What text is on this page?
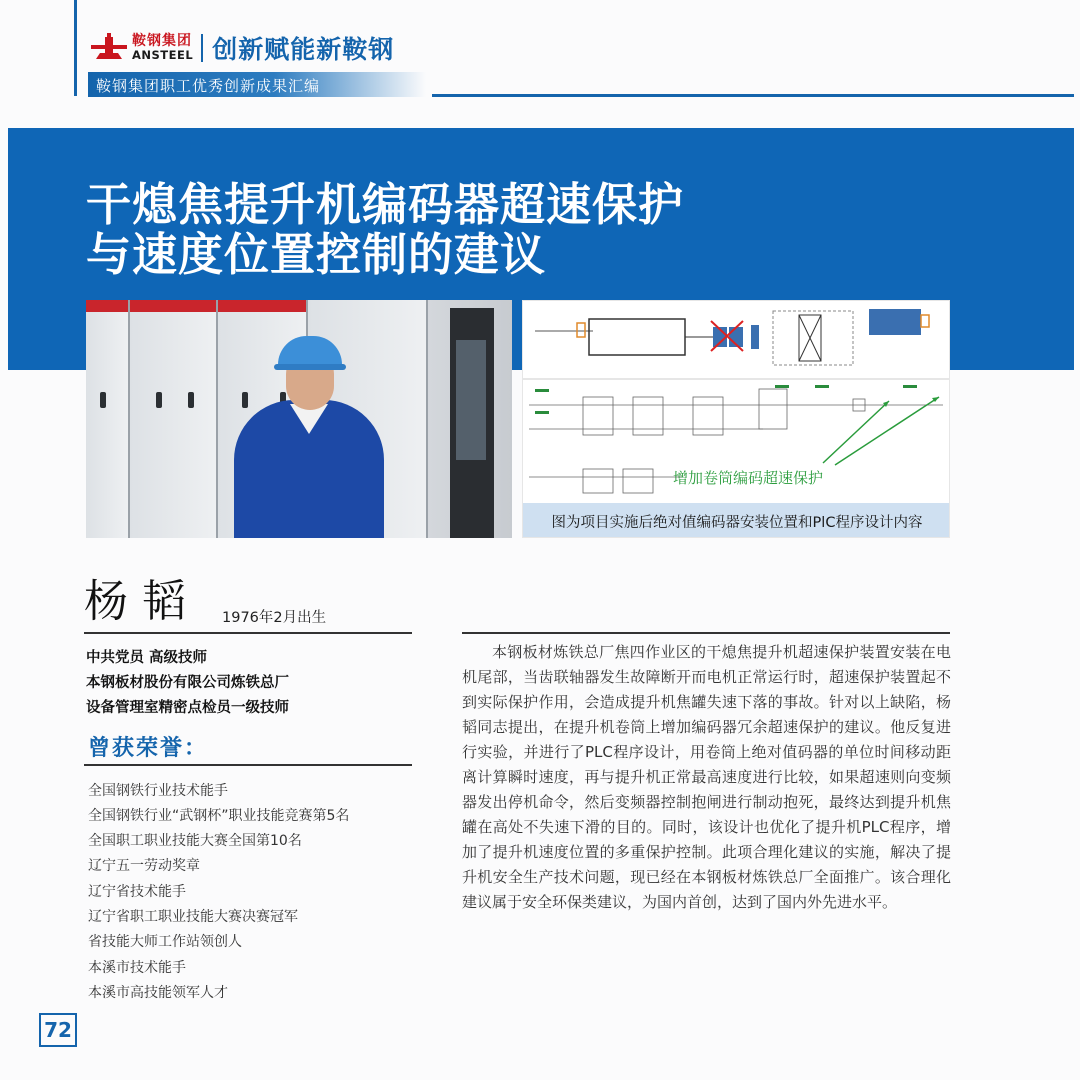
鞍钢集团
ANSTEEL 创新赋能新鞍钢
鞍钢集团职工优秀创新成果汇编
干熄焦提升机编码器超速保护
与速度位置控制的建议
增加卷筒编码超速保护
图为项目实施后绝对值编码器安装位置和PlC程序设计内容
杨韬 1976年2月出生
中共党员 高级技师
本钢板材股份有限公司炼铁总厂
设备管理室精密点检员一级技师
曾获荣誉：
全国钢铁行业技术能手
全国钢铁行业“武钢杯”职业技能竞赛第5名
全国职工职业技能大赛全国第10名
辽宁五一劳动奖章
辽宁省技术能手
辽宁省职工职业技能大赛决赛冠军
省技能大师工作站领创人
本溪市技术能手
本溪市高技能领军人才

本钢板材炼铁总厂焦四作业区的干熄焦提升机超速保护装置安装在电机尾部，当齿联轴器发生故障断开而电机正常运行时，超速保护装置起不到实际保护作用，会造成提升机焦罐失速下落的事故。针对以上缺陷，杨韬同志提出，在提升机卷筒上增加编码器冗余超速保护的建议。他反复进行实验，并进行了PLC程序设计，用卷筒上绝对值码器的单位时间移动距离计算瞬时速度，再与提升机正常最高速度进行比较，如果超速则向变频器发出停机命令，然后变频器控制抱闸进行制动抱死，最终达到提升机焦罐在高处不失速下滑的目的。同时，该设计也优化了提升机PLC程序，增加了提升机速度位置的多重保护控制。此项合理化建议的实施，解决了提升机安全生产技术问题，现已经在本钢板材炼铁总厂全面推广。该合理化建议属于安全环保类建议，为国内首创，达到了国内外先进水平。

72
